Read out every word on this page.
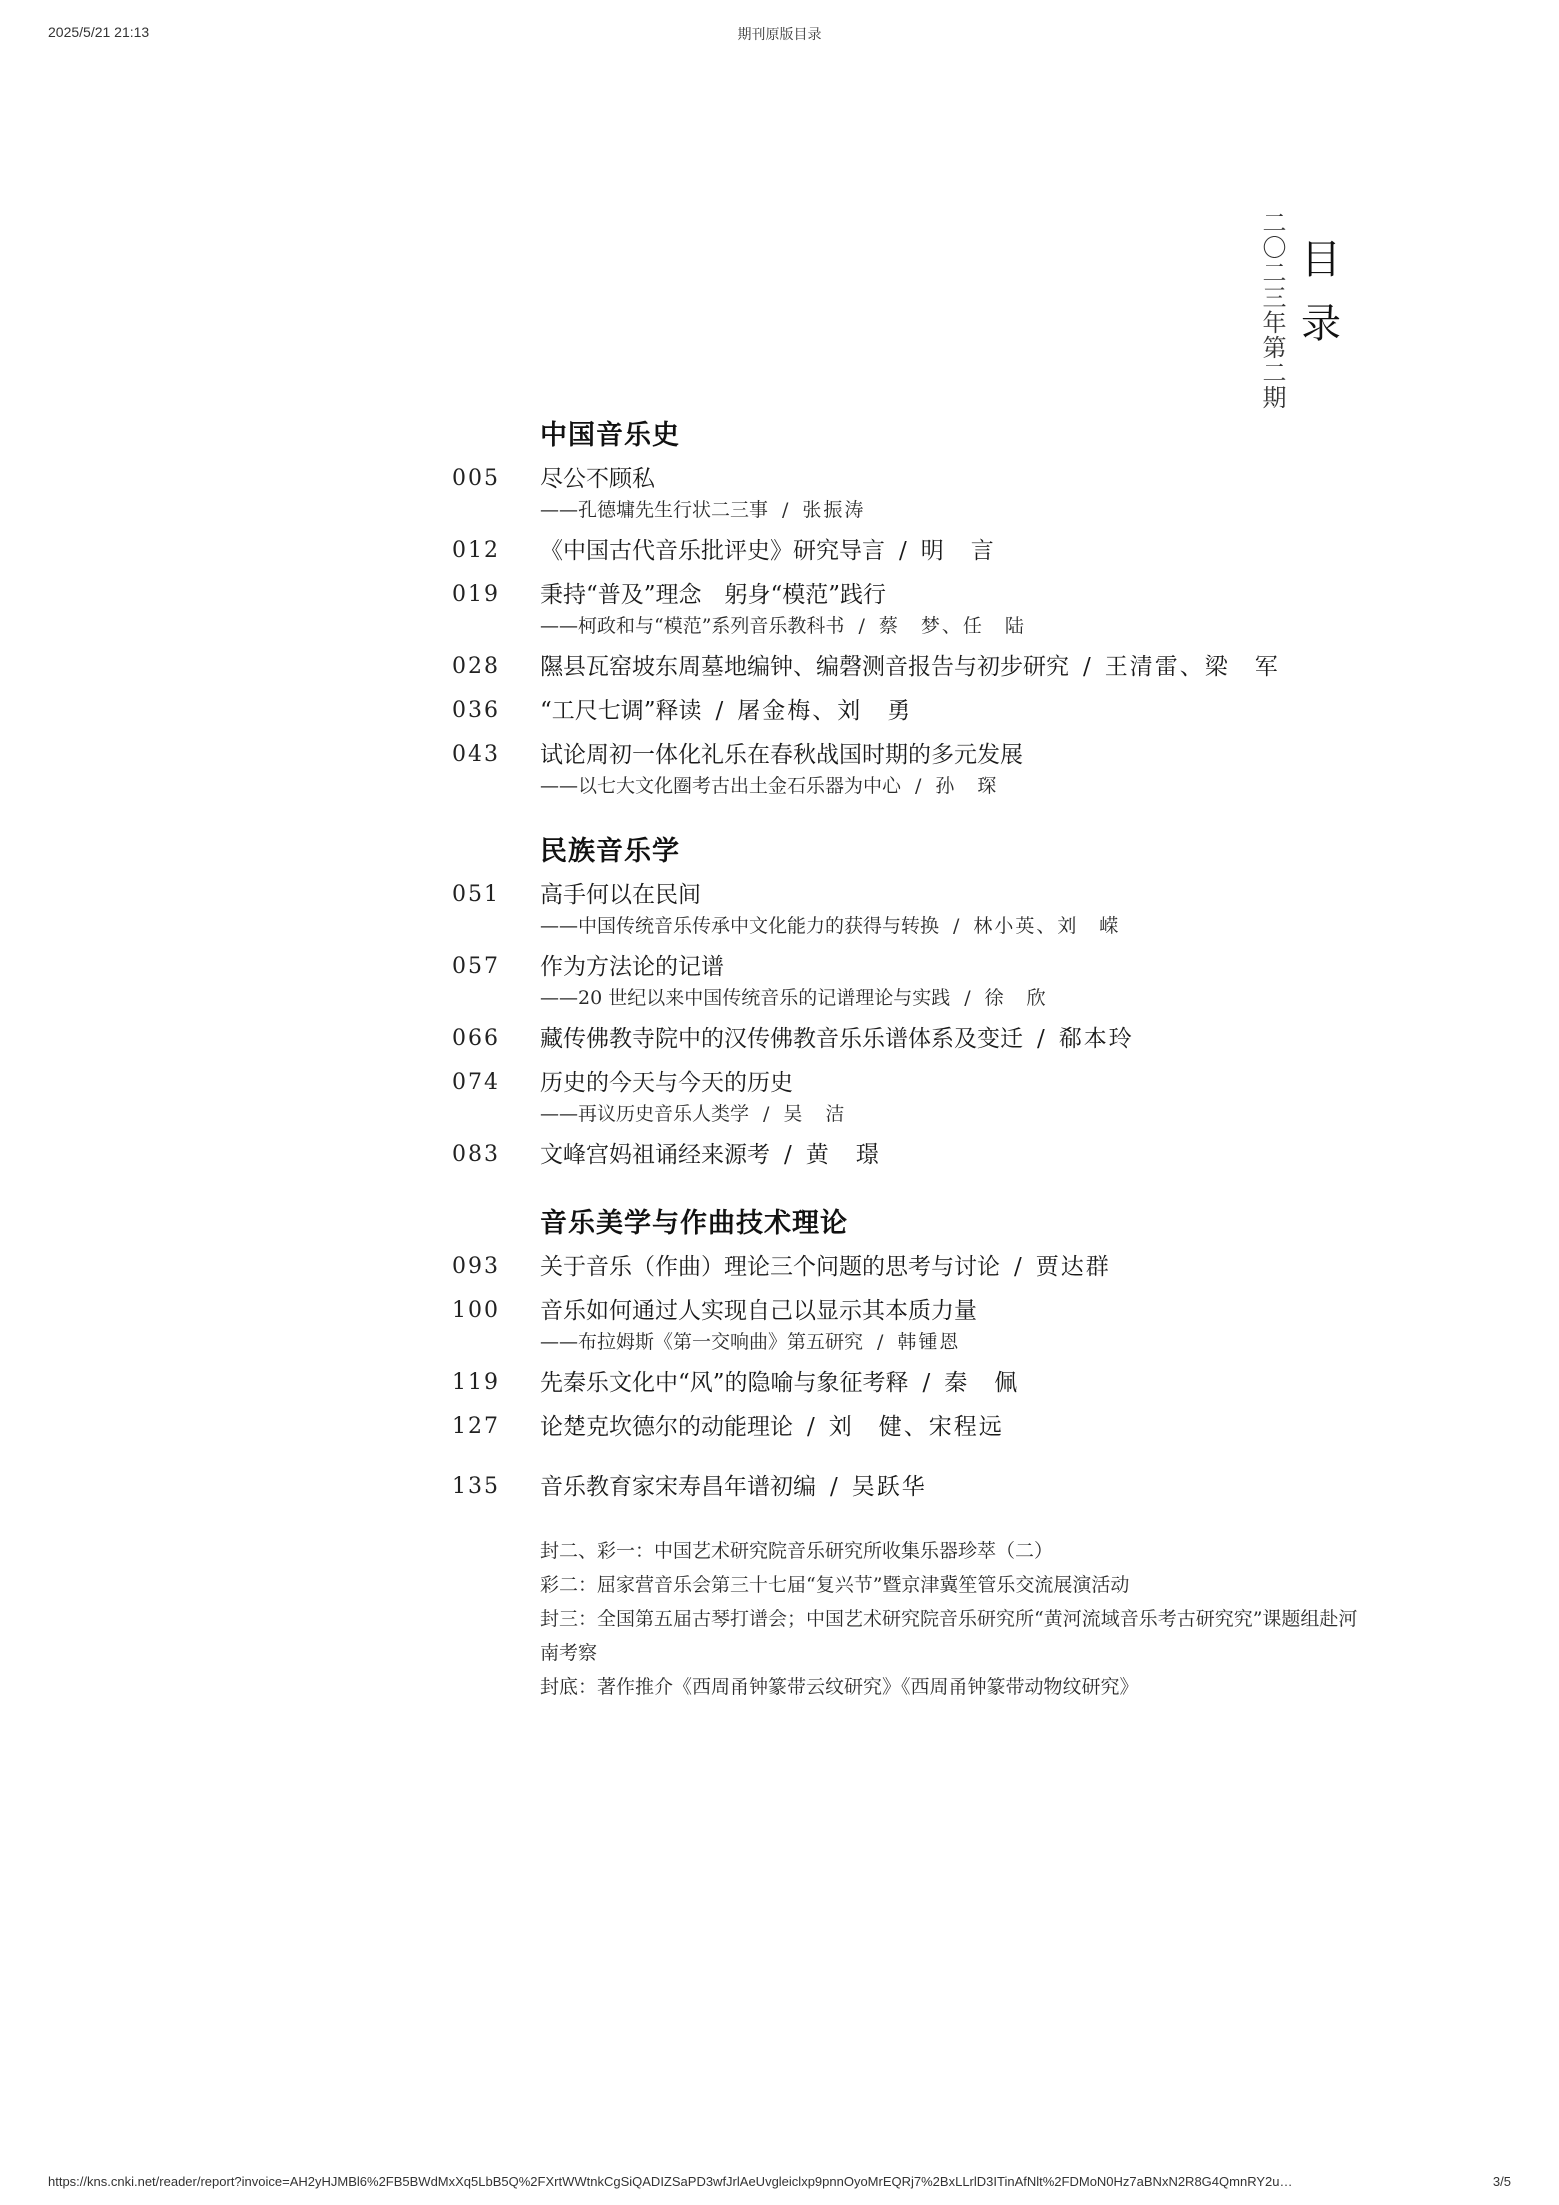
2025/5/21 21:13	期刊原版目录
二〇二三年第二期 目
录
中国音乐史
005	尽公不顾私
——孔德墉先生行状二三事 / 张振涛
012	《中国古代音乐批评史》研究导言 / 明　言
019	秉持“普及”理念　躬身“模范”践行
——柯政和与“模范”系列音乐教科书 / 蔡　梦、任　陆
028	隰县瓦窑坡东周墓地编钟、编磬测音报告与初步研究 / 王清雷、梁　军
036	“工尺七调”释读 / 屠金梅、刘　勇
043	试论周初一体化礼乐在春秋战国时期的多元发展
——以七大文化圈考古出土金石乐器为中心 / 孙　琛
民族音乐学
051	高手何以在民间
——中国传统音乐传承中文化能力的获得与转换 / 林小英、刘　嵘
057	作为方法论的记谱
——20 世纪以来中国传统音乐的记谱理论与实践 / 徐　欣
066	藏传佛教寺院中的汉传佛教音乐乐谱体系及变迁 / 郗本玲
074	历史的今天与今天的历史
——再议历史音乐人类学 / 吴　洁
083	文峰宫妈祖诵经来源考 / 黄　璟
音乐美学与作曲技术理论
093	关于音乐（作曲）理论三个问题的思考与讨论 / 贾达群
100	音乐如何通过人实现自己以显示其本质力量
——布拉姆斯《第一交响曲》第五研究 / 韩锺恩
119	先秦乐文化中“风”的隐喻与象征考释 / 秦　佩
127	论楚克坎德尔的动能理论 / 刘　健、宋程远
135	音乐教育家宋寿昌年谱初编 / 吴跃华
封二、彩一：中国艺术研究院音乐研究所收集乐器珍萃（二）
彩二：屈家营音乐会第三十七届“复兴节”暨京津冀笙管乐交流展演活动
封三：全国第五届古琴打谱会；中国艺术研究院音乐研究所“黄河流域音乐考古研究究”课题组赴河南考察
封底：著作推介《西周甬钟篆带云纹研究》《西周甬钟篆带动物纹研究》
https://kns.cnki.net/reader/report?invoice=AH2yHJMBl6%2FB5BWdMxXq5LbB5Q%2FXrtWWtnkCgSiQADIZSaPD3wfJrlAeUvgleiclxp9pnnOyoMrEQRj7%2BxLLrlD3ITinAfNlt%2FDMoN0Hz7aBNxN2R8G4QmnRY2u…	3/5
